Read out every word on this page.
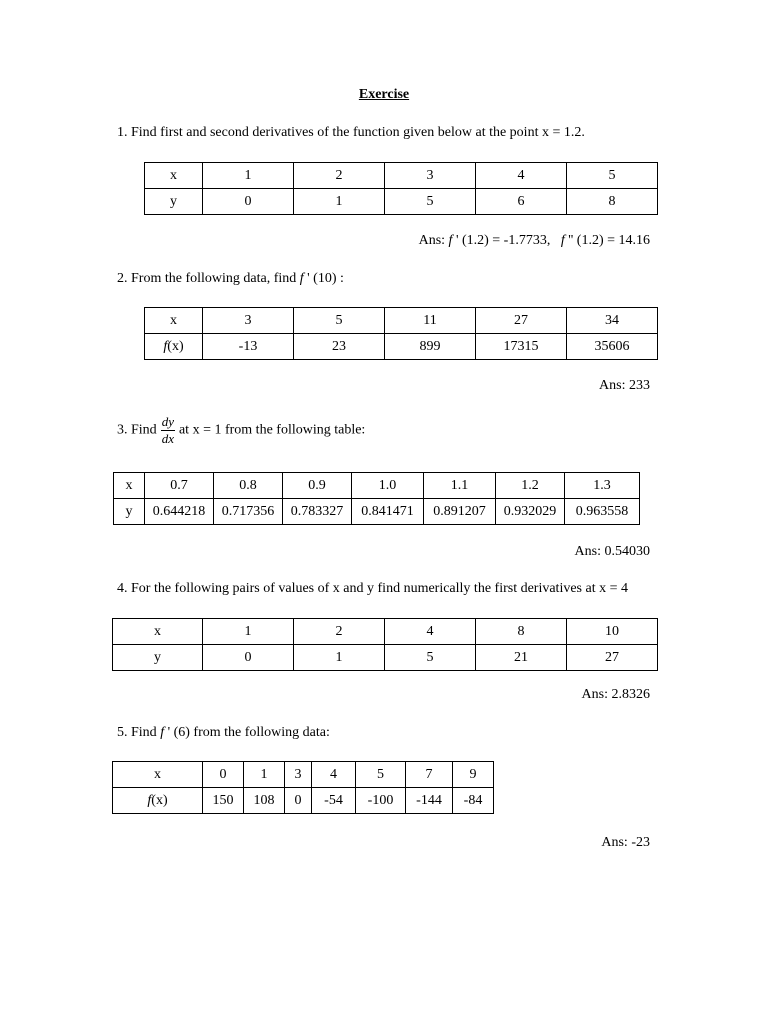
Exercise
1. Find first and second derivatives of the function given below at the point x = 1.2.
x	1	2	3	4	5
y	0	1	5	6	8
Ans: f ' (1.2) = -1.7733,   f '' (1.2) = 14.16
2. From the following data, find f ' (10) :
x	3	5	11	27	34
f(x)	-13	23	899	17315	35606
Ans: 233
3. Find $\frac{dy}{dx}$ at x = 1 from the following table:
x	0.7	0.8	0.9	1.0	1.1	1.2	1.3
y	0.644218	0.717356	0.783327	0.841471	0.891207	0.932029	0.963558
Ans: 0.54030
4. For the following pairs of values of x and y find numerically the first derivatives at x = 4
x	1	2	4	8	10
y	0	1	5	21	27
Ans: 2.8326
5. Find f ' (6) from the following data:
x	0	1	3	4	5	7	9
f(x)	150	108	0	-54	-100	-144	-84
Ans: -23
